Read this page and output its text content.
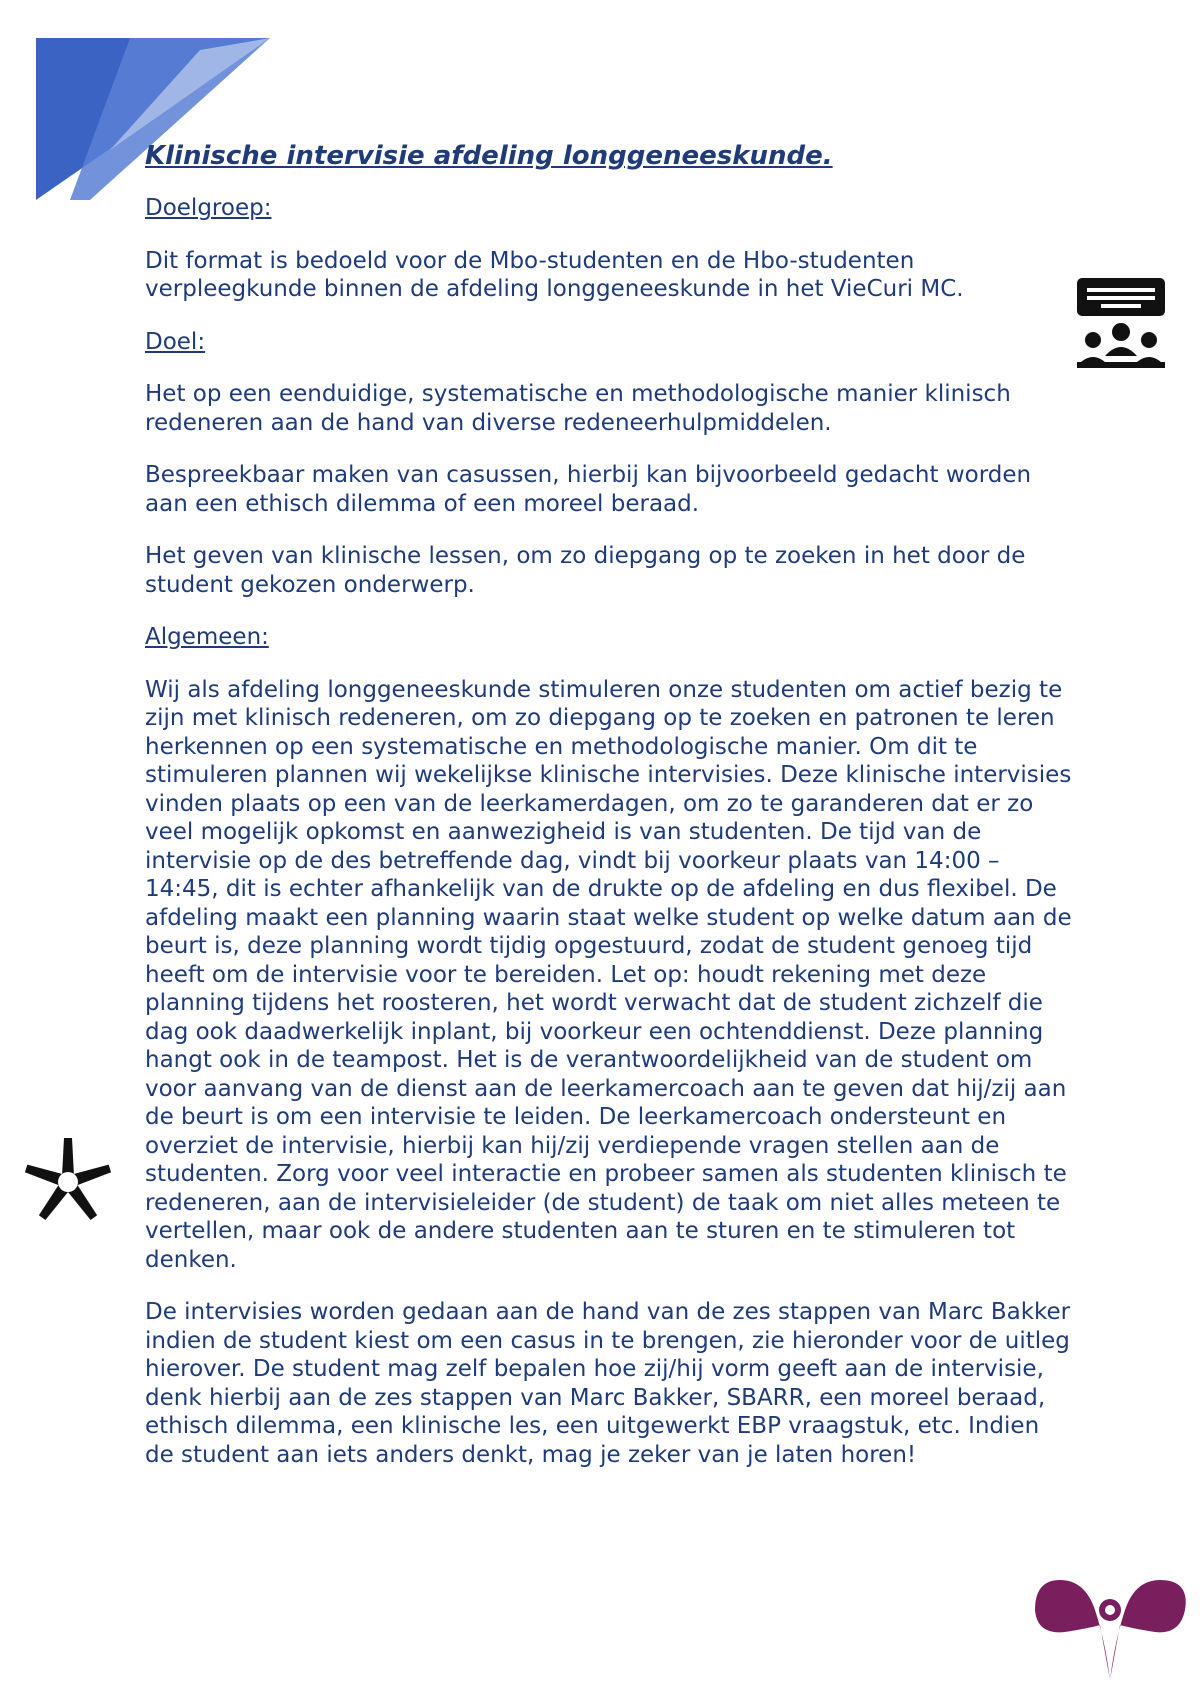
Klinische intervisie afdeling longgeneeskunde.
Doelgroep:

Dit format is bedoeld voor de Mbo-studenten en de Hbo-studenten verpleegkunde binnen de afdeling longgeneeskunde in het VieCuri MC.

Doel:

Het op een eenduidige, systematische en methodologische manier klinisch redeneren aan de hand van diverse redeneerhulpmiddelen.

Bespreekbaar maken van casussen, hierbij kan bijvoorbeeld gedacht worden aan een ethisch dilemma of een moreel beraad.

Het geven van klinische lessen, om zo diepgang op te zoeken in het door de student gekozen onderwerp.

Algemeen:

Wij als afdeling longgeneeskunde stimuleren onze studenten om actief bezig te zijn met klinisch redeneren, om zo diepgang op te zoeken en patronen te leren herkennen op een systematische en methodologische manier. Om dit te stimuleren plannen wij wekelijkse klinische intervisies. Deze klinische intervisies vinden plaats op een van de leerkamerdagen, om zo te garanderen dat er zo veel mogelijk opkomst en aanwezigheid is van studenten. De tijd van de intervisie op de des betreffende dag, vindt bij voorkeur plaats van 14:00 – 14:45, dit is echter afhankelijk van de drukte op de afdeling en dus flexibel. De afdeling maakt een planning waarin staat welke student op welke datum aan de beurt is, deze planning wordt tijdig opgestuurd, zodat de student genoeg tijd heeft om de intervisie voor te bereiden. Let op: houdt rekening met deze planning tijdens het roosteren, het wordt verwacht dat de student zichzelf die dag ook daadwerkelijk inplant, bij voorkeur een ochtenddienst. Deze planning hangt ook in de teampost. Het is de verantwoordelijkheid van de student om voor aanvang van de dienst aan de leerkamercoach aan te geven dat hij/zij aan de beurt is om een intervisie te leiden. De leerkamercoach ondersteunt en overziet de intervisie, hierbij kan hij/zij verdiepende vragen stellen aan de studenten. Zorg voor veel interactie en probeer samen als studenten klinisch te redeneren, aan de intervisieleider (de student) de taak om niet alles meteen te vertellen, maar ook de andere studenten aan te sturen en te stimuleren tot denken.

De intervisies worden gedaan aan de hand van de zes stappen van Marc Bakker indien de student kiest om een casus in te brengen, zie hieronder voor de uitleg hierover. De student mag zelf bepalen hoe zij/hij vorm geeft aan de intervisie, denk hierbij aan de zes stappen van Marc Bakker, SBARR, een moreel beraad, ethisch dilemma, een klinische les, een uitgewerkt EBP vraagstuk, etc. Indien de student aan iets anders denkt, mag je zeker van je laten horen!
